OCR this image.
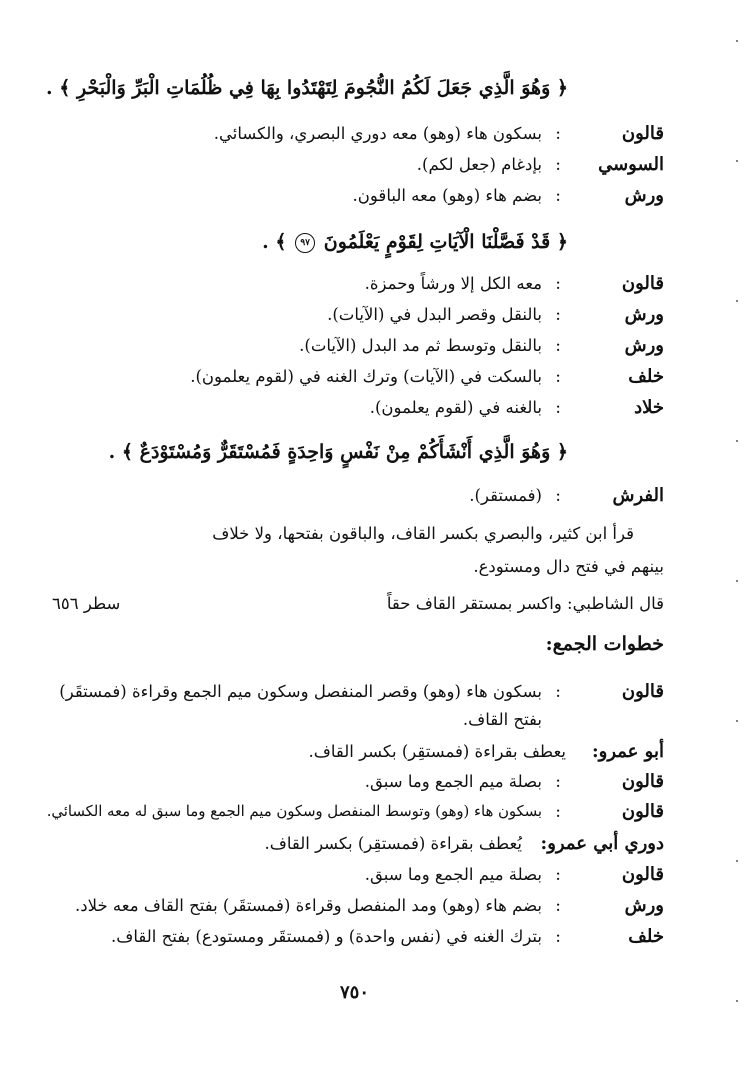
﴿ وَهُوَ الَّذِي جَعَلَ لَكُمُ النُّجُومَ لِتَهْتَدُوا بِهَا فِي ظُلُمَاتِ الْبَرِّ وَالْبَحْرِ ﴾ .
قالون
:
بسكون هاء (وهو) معه دوري البصري، والكسائي.
السوسي
:
بإدغام (جعل لكم).
ورش
:
بضم هاء (وهو) معه الباقون.
﴿ قَدْ فَصَّلْنَا الْآيَاتِ لِقَوْمٍ يَعْلَمُونَ ٩٧ ﴾ .
قالون
:
معه الكل إلا ورشاً وحمزة.
ورش
:
بالنقل وقصر البدل في (الآيات).
ورش
:
بالنقل وتوسط ثم مد البدل (الآيات).
خلف
:
بالسكت في (الآيات) وترك الغنه في (لقوم يعلمون).
خلاد
:
بالغنه في (لقوم يعلمون).
﴿ وَهُوَ الَّذِي أَنْشَأَكُمْ مِنْ نَفْسٍ وَاحِدَةٍ فَمُسْتَقَرٌّ وَمُسْتَوْدَعٌ ﴾ .
الفرش
:
(فمستقر).
قرأ ابن كثير، والبصري بكسر القاف، والباقون بفتحها، ولا خلاف
بينهم في فتح دال ومستودع.
قال الشاطبي: واكسر بمستقر القاف حقاً
سطر ٦٥٦
خطوات الجمع:
قالون
:
بسكون هاء (وهو) وقصر المنفصل وسكون ميم الجمع وقراءة (فمستقَر)
بفتح القاف.
أبو عمرو:
يعطف بقراءة (فمستقِر) بكسر القاف.
قالون
:
بصلة ميم الجمع وما سبق.
قالون
:
بسكون هاء (وهو) وتوسط المنفصل وسكون ميم الجمع وما سبق له معه الكسائي.
دوري أبي عمرو:
يُعطف بقراءة (فمستقِر) بكسر القاف.
قالون
:
بصلة ميم الجمع وما سبق.
ورش
:
بضم هاء (وهو) ومد المنفصل وقراءة (فمستقَر) بفتح القاف معه خلاد.
خلف
:
بترك الغنه في (نفس واحدة) و (فمستقَر ومستودع) بفتح القاف.
٧٥٠
